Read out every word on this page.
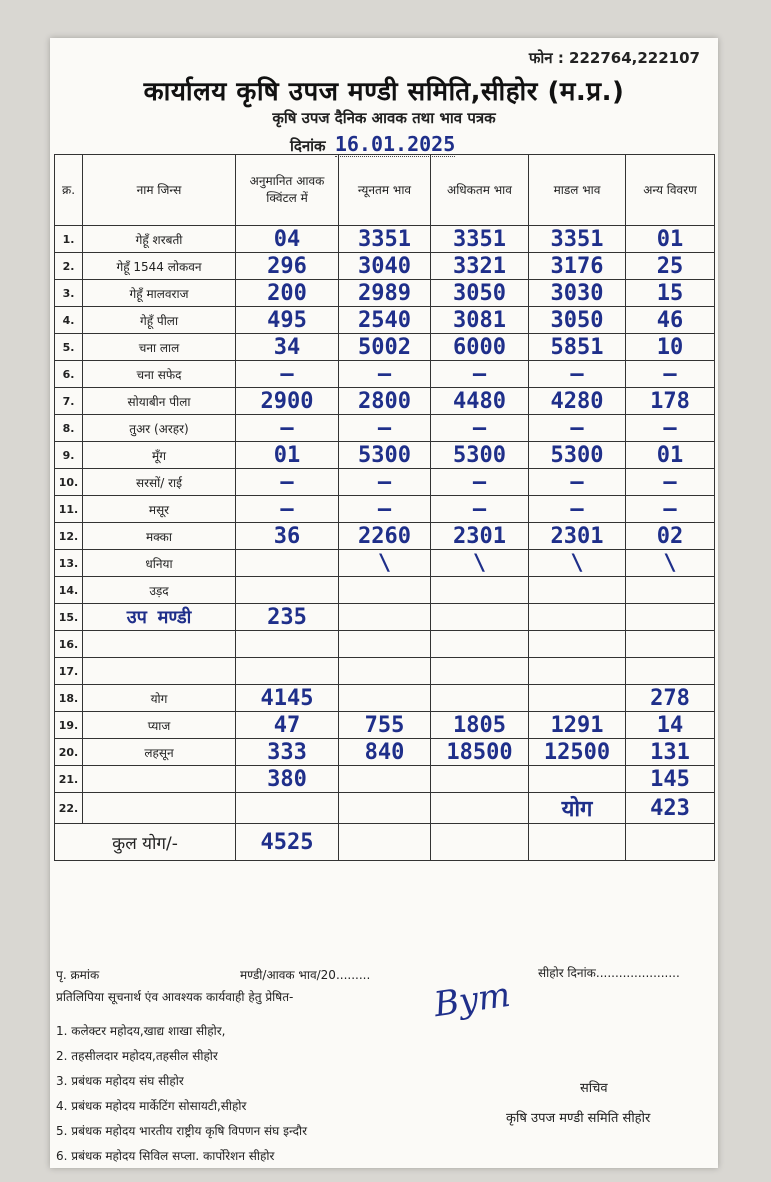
फोन : 222764,222107
कार्यालय कृषि उपज मण्डी समिति,सीहोर (म.प्र.)
कृषि उपज दैनिक आवक तथा भाव पत्रक
दिनांक 16.01.2025
क्र.	नाम जिन्स	अनुमानित आवक क्विंटल में	न्यूनतम भाव	अधिकतम भाव	माडल भाव	अन्य विवरण
1.	गेहूँ शरबती	04	3351	3351	3351	01
2.	गेहूँ 1544 लोकवन	296	3040	3321	3176	25
3.	गेहूँ मालवराज	200	2989	3050	3030	15
4.	गेहूँ पीला	495	2540	3081	3050	46
5.	चना लाल	34	5002	6000	5851	10
6.	चना सफेद	—	—	—	—	—
7.	सोयाबीन पीला	2900	2800	4480	4280	178
8.	तुअर (अरहर)	—	—	—	—	—
9.	मूँग	01	5300	5300	5300	01
10.	सरसों/ राई	—	—	—	—	—
11.	मसूर	—	—	—	—	—
12.	मक्का	36	2260	2301	2301	02
13.	धनिया		\	\	\	\
14.	उड़द					
15.	उप मण्डी	235				
16.						
17.						
18.	योग	4145				278
19.	प्याज	47	755	1805	1291	14
20.	लहसून	333	840	18500	12500	131
21.		380				145
22.					योग	423
कुल योग/-		4525				
पृ. क्रमांक	मण्डी/आवक भाव/20.........	सीहोर दिनांक......................
प्रतिलिपिया सूचनार्थ एंव आवश्यक कार्यवाही हेतु प्रेषित-	Bym
1. कलेक्टर महोदय,खाद्य शाखा सीहोर,
2. तहसीलदार महोदय,तहसील सीहोर
3. प्रबंधक महोदय संघ सीहोर
4. प्रबंधक महोदय मार्केटिंग सोसायटी,सीहोर
5. प्रबंधक महोदय भारतीय राष्ट्रीय कृषि विपणन संघ इन्दौर
6. प्रबंधक महोदय सिविल सप्ला. कार्पोरेशन सीहोर
सचिव
कृषि उपज मण्डी समिति सीहोर
